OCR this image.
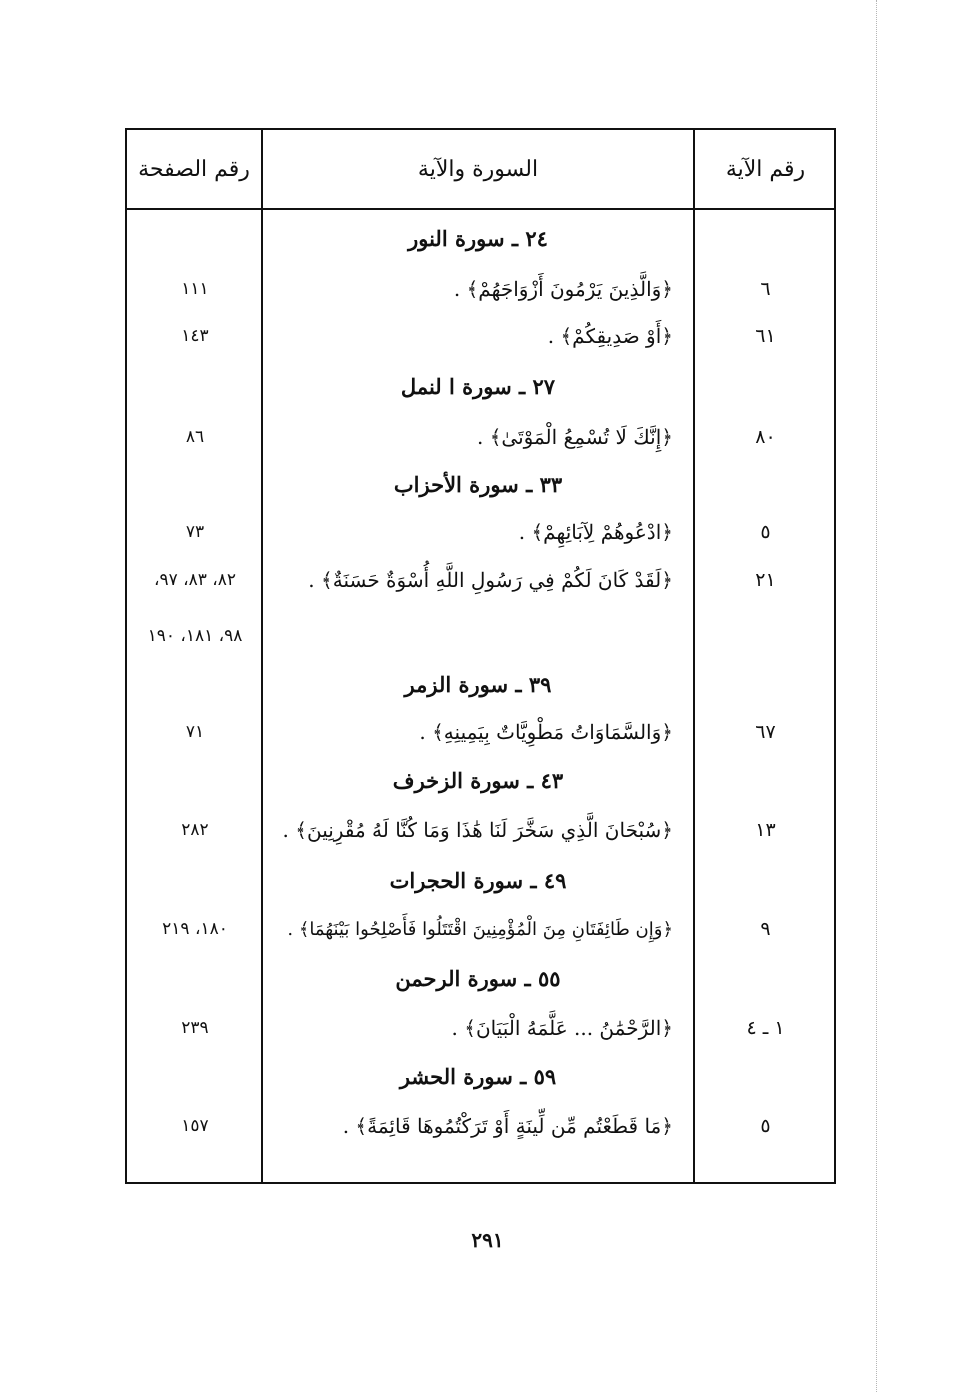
رقم الآية
السورة والآية
رقم الصفحة
٢٤ ـ سورة النور
٦
﴿وَالَّذِينَ يَرْمُونَ أَزْوَاجَهُمْ﴾ .
١١١
٦١
﴿أَوْ صَدِيقِكُمْ﴾ .
١٤٣
٢٧ ـ سورة ا لنمل
٨٠
﴿إِنَّكَ لَا تُسْمِعُ الْمَوْتَىٰ﴾ .
٨٦
٣٣ ـ سورة الأحزاب
٥
﴿ادْعُوهُمْ لِآبَائِهِمْ﴾ .
٧٣
٢١
﴿لَقَدْ كَانَ لَكُمْ فِي رَسُولِ اللَّهِ أُسْوَةٌ حَسَنَةٌ﴾ .
٨٢، ٨٣، ٩٧،
٩٨، ١٨١، ١٩٠
٣٩ ـ سورة الزمر
٦٧
﴿وَالسَّمَاوَاتُ مَطْوِيَّاتٌ بِيَمِينِهِ﴾ .
٧١
٤٣ ـ سورة الزخرف
١٣
﴿سُبْحَانَ الَّذِي سَخَّرَ لَنَا هَٰذَا وَمَا كُنَّا لَهُ مُقْرِنِينَ﴾ .
٢٨٢
٤٩ ـ سورة الحجرات
٩
﴿وَإِن طَائِفَتَانِ مِنَ الْمُؤْمِنِينَ اقْتَتَلُوا فَأَصْلِحُوا بَيْنَهُمَا﴾ .
١٨٠، ٢١٩
٥٥ ـ سورة الرحمن
١ ـ ٤
﴿الرَّحْمَٰنُ ... عَلَّمَهُ الْبَيَانَ﴾ .
٢٣٩
٥٩ ـ سورة الحشر
٥
﴿مَا قَطَعْتُم مِّن لِّينَةٍ أَوْ تَرَكْتُمُوهَا قَائِمَةً﴾ .
١٥٧
٢٩١
